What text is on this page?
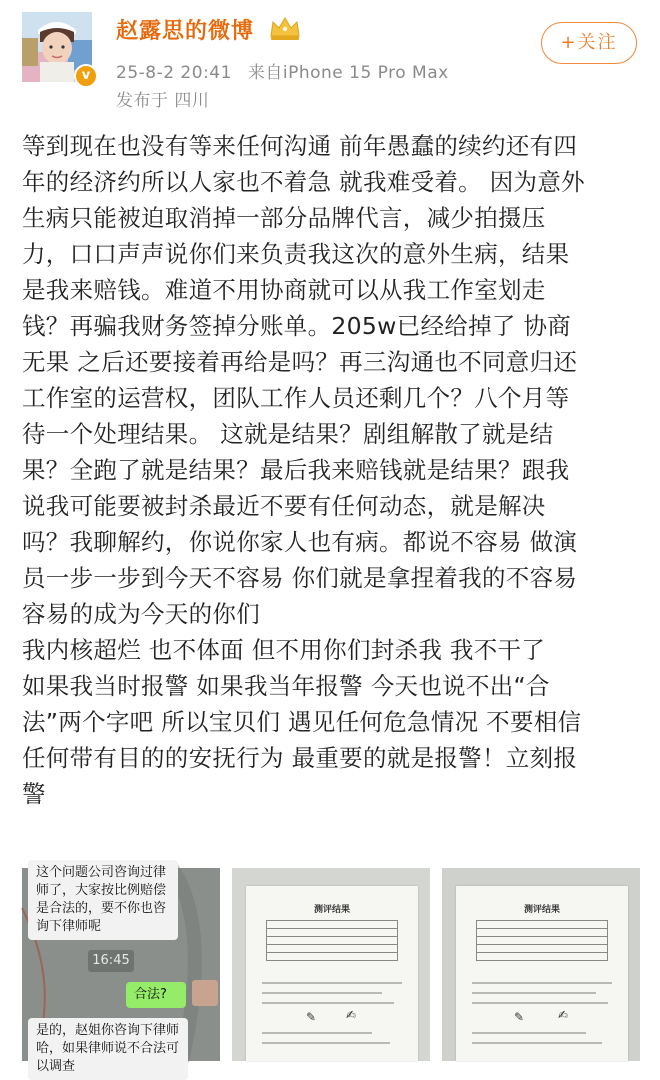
v
赵露思的微博
25-8-2 20:41 来自iPhone 15 Pro Max
发布于 四川
+关注

等到现在也没有等来任何沟通 前年愚蠢的续约还有四

年的经济约所以人家也不着急 就我难受着。 因为意外

生病只能被迫取消掉一部分品牌代言，减少拍摄压

力，口口声声说你们来负责我这次的意外生病，结果

是我来赔钱。难道不用协商就可以从我工作室划走

钱？再骗我财务签掉分账单。205w已经给掉了 协商

无果 之后还要接着再给是吗？再三沟通也不同意归还

工作室的运营权，团队工作人员还剩几个？八个月等

待一个处理结果。 这就是结果？剧组解散了就是结

果？全跑了就是结果？最后我来赔钱就是结果？跟我

说我可能要被封杀最近不要有任何动态，就是解决

吗？我聊解约，你说你家人也有病。都说不容易 做演

员一步一步到今天不容易 你们就是拿捏着我的不容易

容易的成为今天的你们

我内核超烂 也不体面 但不用你们封杀我 我不干了

如果我当时报警 如果我当年报警 今天也说不出“合

法”两个字吧 所以宝贝们 遇见任何危急情况 不要相信

任何带有目的的安抚行为 最重要的就是报警！立刻报

警

这个问题公司咨询过律师了，大家按比例赔偿是合法的，要不你也咨询下律师呢
16:45
合法?
是的，赵姐你咨询下律师哈，如果律师说不合法可以调查
测评结果
✎ ✍
测评结果
✎	✍
